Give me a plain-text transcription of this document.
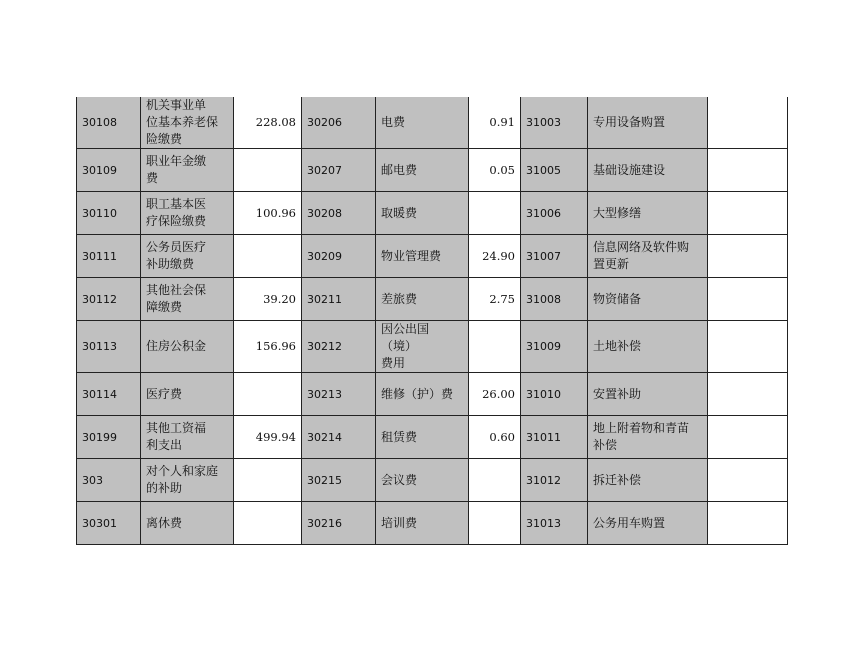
30108	机关事业单
位基本养老保
险缴费	228.08	30206	电费	0.91	31003	专用设备购置	
30109	职业年金缴
费		30207	邮电费	0.05	31005	基础设施建设	
30110	职工基本医
疗保险缴费	100.96	30208	取暖费		31006	大型修缮	
30111	公务员医疗
补助缴费		30209	物业管理费	24.90	31007	信息网络及软件购
置更新	
30112	其他社会保
障缴费	39.20	30211	差旅费	2.75	31008	物资储备	
30113	住房公积金	156.96	30212	因公出国（境）
费用		31009	土地补偿	
30114	医疗费		30213	维修（护）费	26.00	31010	安置补助	
30199	其他工资福
利支出	499.94	30214	租赁费	0.60	31011	地上附着物和青苗
补偿	
303	对个人和家庭
的补助		30215	会议费		31012	拆迁补偿	
30301	离休费		30216	培训费		31013	公务用车购置	
